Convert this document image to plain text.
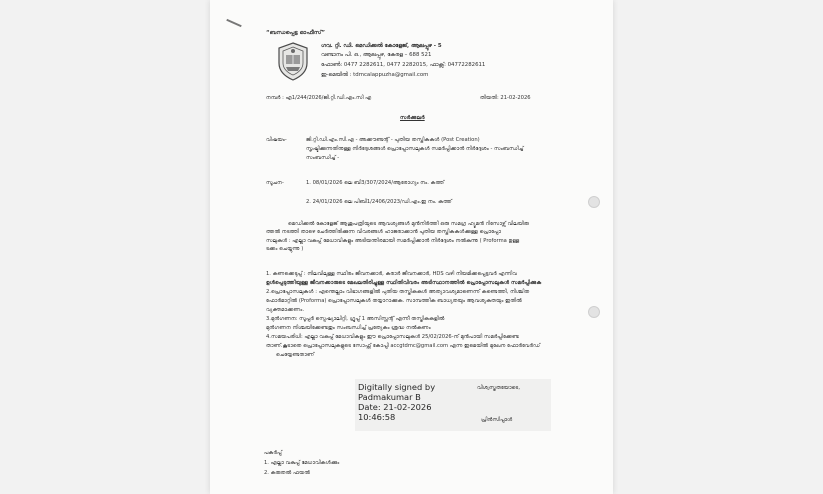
“ബന്ധപ്പെട്ട ഓഫീസ്”
ഗവ. റ്റി. ഡി. മെഡിക്കൽ കോളേജ്, ആലപ്പുഴ - 5
വണ്ടാനം പി. ഒ., ആലപ്പുഴ, കേരള – 688 521
ഫോൺ: 0477 2282611, 0477 2282015, ഫാക്സ്: 04772282611
ഇ-മെയിൽ : tdmcalappuzha@gmail.com
നമ്പർ : എ1/244/2026/ജി.റ്റി.ഡി.എം.സി എ	തിയതി: 21-02-2026
സർക്കുലർ
വിഷയം-	ജി.റ്റി.ഡി.എം.സി.എ - അക്കൗണ്ടന്റ് - പുതിയ തസ്തികകൾ (Post Creation)
സൃഷ്ടിക്കുന്നതിനുള്ള നിർദ്ദേശങ്ങൾ പ്രൊപ്പോസലുകൾ സമർപ്പിക്കാൻ നിർദ്ദേശം - സംബന്ധിച്ച്
സംബന്ധിച്ച് -
സൂചന-	1. 08/01/2026 ലെ ബി3/307/2024/ആരോഗ്യം നം. കത്ത്
2. 24/01/2026 ലെ പിബി1/2406/2023/ഡി.എം.ഇ നം. കത്ത്

മെഡിക്കൽ കോളേജ് ആശുപത്രിയുടെ ആവശ്യങ്ങൾ മുൻനിർത്തി ഒരു സമഗ്ര ഹ്യൂമൻ റിസോഴ്സ് വിലയിരു

ത്തൽ നടത്തി താഴെ ചേർത്തിരിക്കുന്ന വിവരങ്ങൾ ഹാജരാക്കാൻ പുതിയ തസ്തികകൾക്കുള്ള പ്രൊപ്പോ

സലുകൾ : എല്ലാ വകുപ്പ് മേധാവികളും അടിയന്തിരമായി സമർപ്പിക്കാൻ നിർദ്ദേശം നൽകുന്നു ( Proforma ഉള്ള

ടക്കം ചെയ്യുന്നു )

1. കണക്കെടുപ്പ് : നിലവിലുള്ള സ്ഥിരം ജീവനക്കാർ, കരാർ ജീവനക്കാർ, HDS വഴി നിയമിക്കപ്പെട്ടവർ എന്നിവ

ഉൾപ്പെടുത്തിയുള്ള ജീവനക്കാരുടെ മേഖലതിരിച്ചുള്ള സ്ഥിതിവിവരം അടിസ്ഥാനത്തിൽ പ്രൊപ്പോസലുകൾ സമർപ്പിക്കുക

2.പ്രൊപ്പോസലുകൾ : എന്തെല്ലാം വിഭാഗങ്ങളിൽ പുതിയ തസ്തികകൾ അത്യാവശ്യമാണെന്ന് കണ്ടെത്തി, നിശ്ചിത

ഫോർമാറ്റിൽ (Proforma) പ്രൊപ്പോസലുകൾ തയ്യാറാക്കുക. സാമ്പത്തിക ബാധ്യതയും ആവശ്യകതയും ഇതിൽ

വ്യക്തമാക്കണം.

3.മുൻഗണന: സൂപ്പർ സ്പെഷ്യാലിറ്റി, ഗ്രൂപ്പ് 1 അസിസ്റ്റന്റ് എന്നീ തസ്തികകളിൽ

മുൻഗണന നിശ്ചയിക്കേണ്ടതും സംബന്ധിച്ച് പ്രത്യേകം ശ്രദ്ധ നൽകണം

4.സമയപരിധി: എല്ലാ വകുപ്പ് മേധാവികളും ഈ പ്രൊപ്പോസലുകൾ 25/02/2026-ന് മുൻപായി സമർപ്പിക്കേണ്ട

താണ്.കൂടാതെ പ്രൊപ്പോസലുകളുടെ സോഫ്റ്റ് കോപ്പി accgtdmc@gmail.com എന്ന ഇമെയിൽ മുഖേന ഫോർവേർഡ്

ചെയ്യേണ്ടതാണ്

Digitally signed by
Padmakumar B
Date: 21-02-2026
10:46:58
വിശ്വസ്തതയോടെ,
പ്രിൻസിപ്പാൾ
പകർപ്പ്
1. എല്ലാ വകുപ്പ് മേധാവികൾക്കും
2. കരുതൽ ഫയൽ
